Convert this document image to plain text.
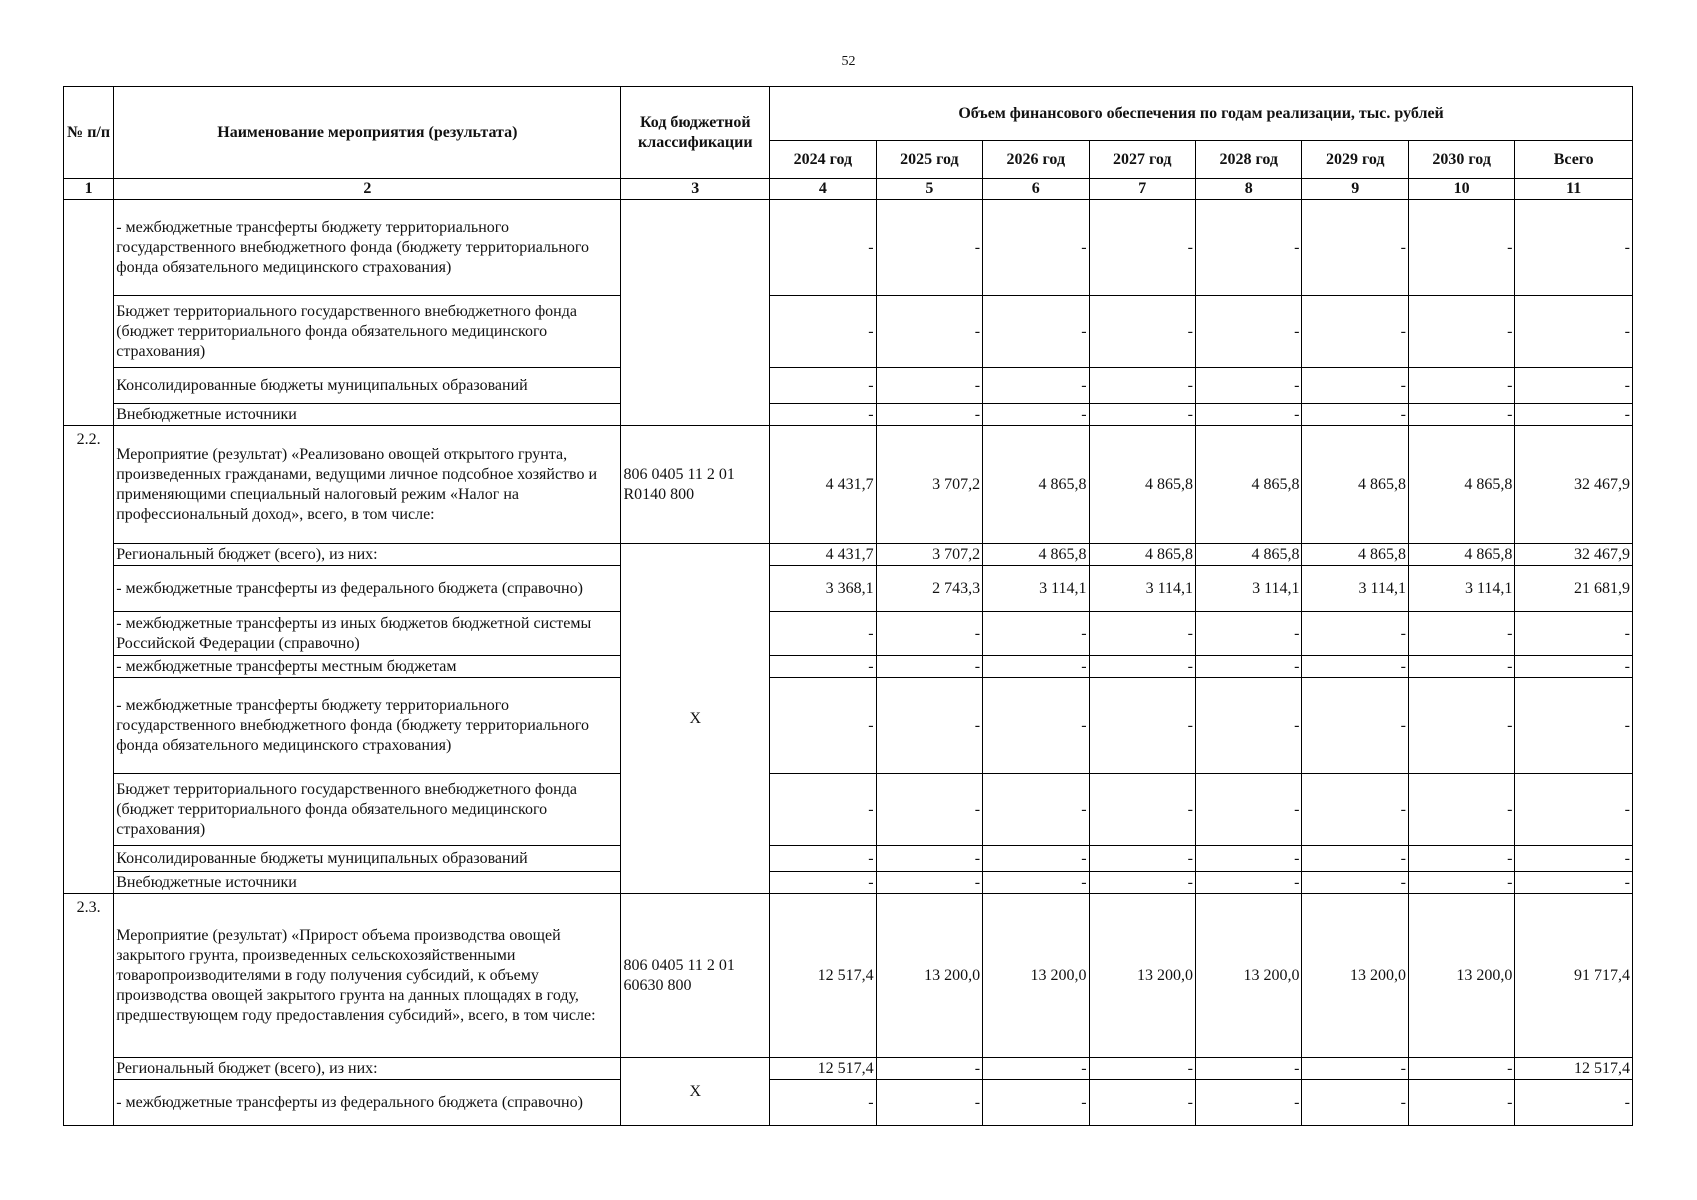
52
№ п/п	Наименование мероприятия (результата)	Код бюджетной классификации	Объем финансового обеспечения по годам реализации, тыс. рублей							
			2024 год	2025 год	2026 год	2027 год	2028 год	2029 год	2030 год	Всего
1	2	3	4	5	6	7	8	9	10	11
	- межбюджетные трансферты бюджету территориального государственного внебюджетного фонда (бюджету территориального фонда обязательного медицинского страхования)		-	-	-	-	-	-	-	-
	Бюджет территориального государственного внебюджетного фонда (бюджет территориального фонда обязательного медицинского страхования)		-	-	-	-	-	-	-	-
	Консолидированные бюджеты муниципальных образований		-	-	-	-	-	-	-	-
	Внебюджетные источники		-	-	-	-	-	-	-	-
2.2.	Мероприятие (результат) «Реализовано овощей открытого грунта, произведенных гражданами, ведущими личное подсобное хозяйство и применяющими специальный налоговый режим «Налог на профессиональный доход», всего, в том числе:	806 0405 11 2 01 R0140 800	4 431,7	3 707,2	4 865,8	4 865,8	4 865,8	4 865,8	4 865,8	32 467,9
	Региональный бюджет (всего), из них:	X	4 431,7	3 707,2	4 865,8	4 865,8	4 865,8	4 865,8	4 865,8	32 467,9
	- межбюджетные трансферты из федерального бюджета (справочно)		3 368,1	2 743,3	3 114,1	3 114,1	3 114,1	3 114,1	3 114,1	21 681,9
	- межбюджетные трансферты из иных бюджетов бюджетной системы Российской Федерации (справочно)		-	-	-	-	-	-	-	-
	- межбюджетные трансферты местным бюджетам		-	-	-	-	-	-	-	-
	- межбюджетные трансферты бюджету территориального государственного внебюджетного фонда (бюджету территориального фонда обязательного медицинского страхования)		-	-	-	-	-	-	-	-
	Бюджет территориального государственного внебюджетного фонда (бюджет территориального фонда обязательного медицинского страхования)		-	-	-	-	-	-	-	-
	Консолидированные бюджеты муниципальных образований		-	-	-	-	-	-	-	-
	Внебюджетные источники		-	-	-	-	-	-	-	-
2.3.	Мероприятие (результат) «Прирост объема производства овощей закрытого грунта, произведенных сельскохозяйственными товаропроизводителями в году получения субсидий, к объему производства овощей закрытого грунта на данных площадях в году, предшествующем году предоставления субсидий», всего, в том числе:	806 0405 11 2 01 60630 800	12 517,4	13 200,0	13 200,0	13 200,0	13 200,0	13 200,0	13 200,0	91 717,4
	Региональный бюджет (всего), из них:	X	12 517,4	-	-	-	-	-	-	12 517,4
	- межбюджетные трансферты из федерального бюджета (справочно)		-	-	-	-	-	-	-	-
